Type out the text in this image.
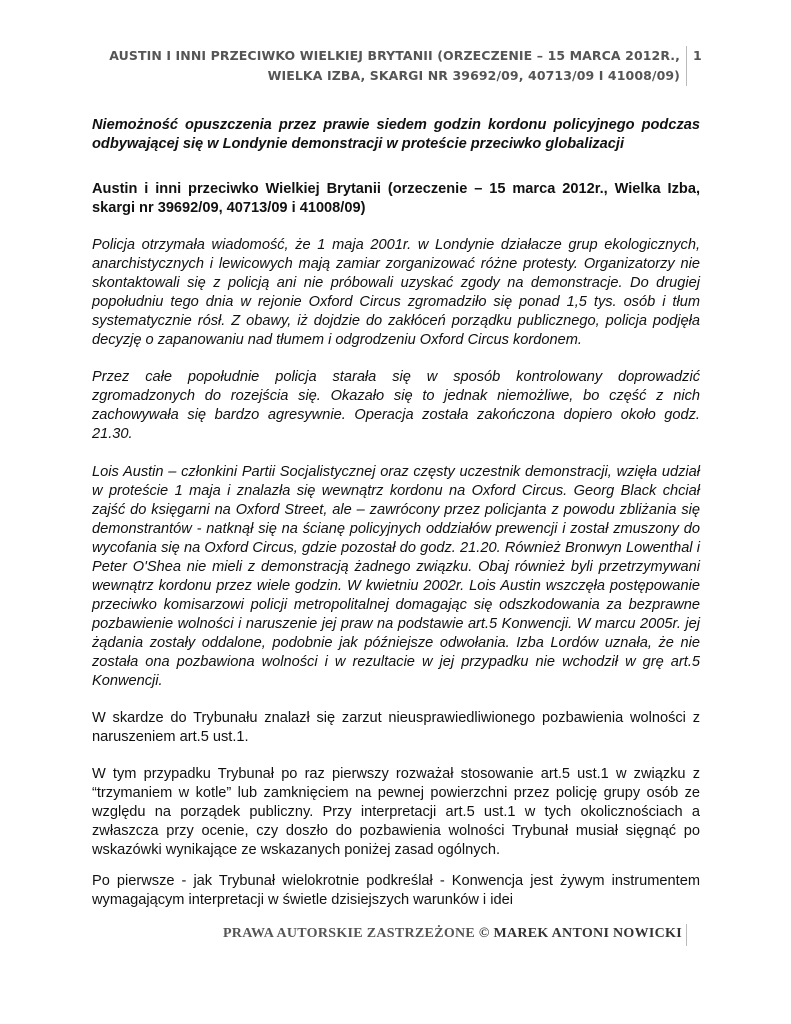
AUSTIN I INNI PRZECIWKO WIELKIEJ BRYTANII (ORZECZENIE – 15 MARCA 2012R., WIELKA IZBA, SKARGI NR 39692/09, 40713/09 I 41008/09)
1

Niemożność opuszczenia przez prawie siedem godzin kordonu policyjnego podczas odbywającej się w Londynie demonstracji w proteście przeciwko globalizacji

Austin i inni przeciwko Wielkiej Brytanii (orzeczenie – 15 marca 2012r., Wielka Izba, skargi nr 39692/09, 40713/09 i 41008/09)

Policja otrzymała wiadomość, że 1 maja 2001r. w Londynie działacze grup ekologicznych, anarchistycznych i lewicowych mają zamiar zorganizować różne protesty. Organizatorzy nie skontaktowali się z policją ani nie próbowali uzyskać zgody na demonstracje. Do drugiej popołudniu tego dnia w rejonie Oxford Circus zgromadziło się ponad 1,5 tys. osób i tłum systematycznie rósł. Z obawy, iż dojdzie do zakłóceń porządku publicznego, policja podjęła decyzję o zapanowaniu nad tłumem i odgrodzeniu Oxford Circus kordonem.

Przez całe popołudnie policja starała się w sposób kontrolowany doprowadzić zgromadzonych do rozejścia się. Okazało się to jednak niemożliwe, bo część z nich zachowywała się bardzo agresywnie. Operacja została zakończona dopiero około godz. 21.30.

Lois Austin – członkini Partii Socjalistycznej oraz częsty uczestnik demonstracji, wzięła udział w proteście 1 maja i znalazła się wewnątrz kordonu na Oxford Circus. Georg Black chciał zajść do księgarni na Oxford Street, ale – zawrócony przez policjanta z powodu zbliżania się demonstrantów - natknął się na ścianę policyjnych oddziałów prewencji i został zmuszony do wycofania się na Oxford Circus, gdzie pozostał do godz. 21.20. Również Bronwyn Lowenthal i Peter O'Shea nie mieli z demonstracją żadnego związku. Obaj również byli przetrzymywani wewnątrz kordonu przez wiele godzin. W kwietniu 2002r. Lois Austin wszczęła postępowanie przeciwko komisarzowi policji metropolitalnej domagając się odszkodowania za bezprawne pozbawienie wolności i naruszenie jej praw na podstawie art.5 Konwencji. W marcu 2005r. jej żądania zostały oddalone, podobnie jak późniejsze odwołania. Izba Lordów uznała, że nie została ona pozbawiona wolności i w rezultacie w jej przypadku nie wchodził w grę art.5 Konwencji.

W skardze do Trybunału znalazł się zarzut nieusprawiedliwionego pozbawienia wolności z naruszeniem art.5 ust.1.

W tym przypadku Trybunał po raz pierwszy rozważał stosowanie art.5 ust.1 w związku z “trzymaniem w kotle” lub zamknięciem na pewnej powierzchni przez policję grupy osób ze względu na porządek publiczny. Przy interpretacji art.5 ust.1 w tych okolicznościach a zwłaszcza przy ocenie, czy doszło do pozbawienia wolności Trybunał musiał sięgnąć po wskazówki wynikające ze wskazanych poniżej zasad ogólnych.

Po pierwsze - jak Trybunał wielokrotnie podkreślał - Konwencja jest żywym instrumentem wymagającym interpretacji w świetle dzisiejszych warunków i idei

PRAWA AUTORSKIE ZASTRZEŻONE © MAREK ANTONI NOWICKI
